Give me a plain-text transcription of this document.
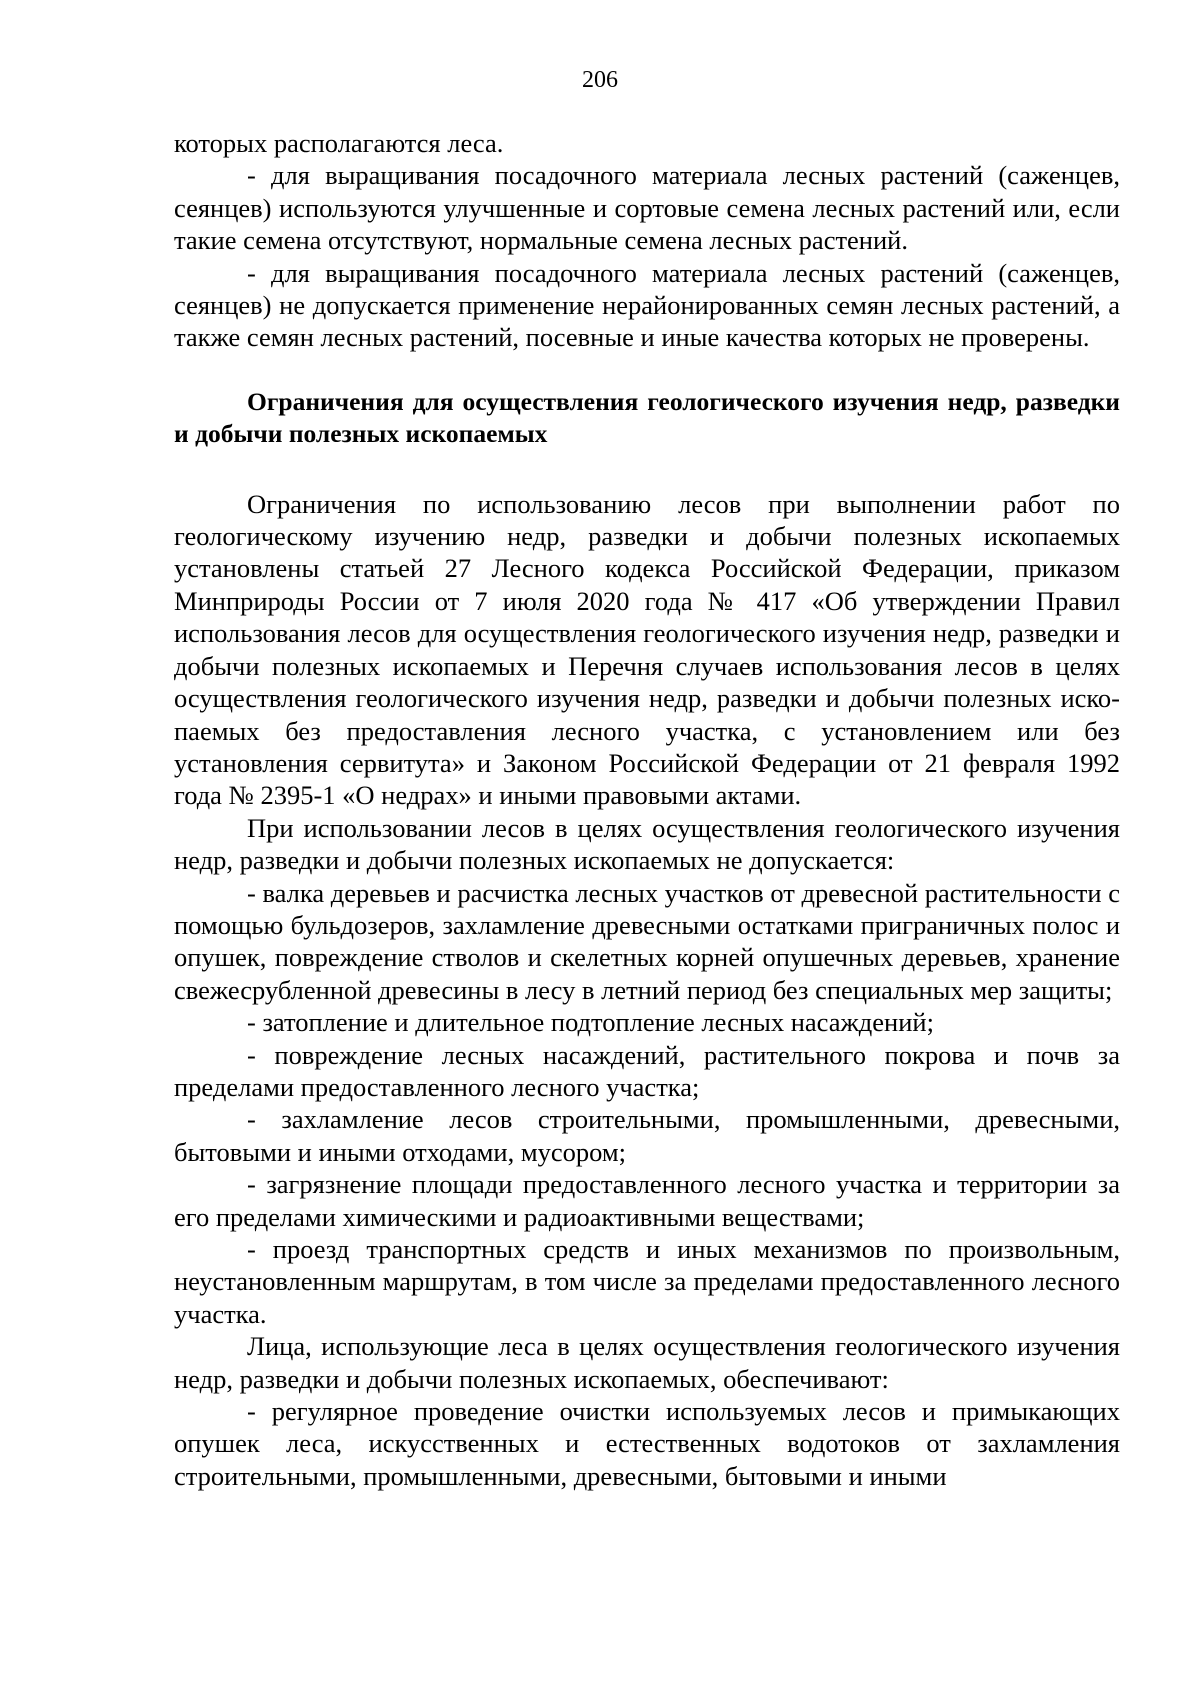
206

которых располагаются леса.

- для выращивания посадочного материала лесных растений (саженцев, сеянцев) используются улучшенные и сортовые семена лесных растений или, если такие семена отсутствуют, нормальные семена лесных растений.

- для выращивания посадочного материала лесных растений (саженцев, сеянцев) не допускается применение нерайонированных семян лесных растений, а также семян лесных растений, посевные и иные качества которых не проверены.

Ограничения для осуществления геологического изучения недр, разведки и добычи полезных ископаемых

Ограничения по использованию лесов при выполнении работ по геологическому изучению недр, разведки и добычи полезных ископаемых установлены статьей 27 Лесного кодекса Российской Федерации, приказом Минприроды России от 7 июля 2020 года № 417 «Об утверждении Правил использования лесов для осуществления геологического изучения недр, разведки и добычи полезных ископаемых и Перечня случаев использования лесов в целях осуществления геологического изучения недр, разведки и добычи полезных иско-паемых без предоставления лесного участка, с установлением или без установления сервитута» и Законом Российской Федерации от 21 февраля 1992 года № 2395-1 «О недрах» и иными правовыми актами.

При использовании лесов в целях осуществления геологического изучения недр, разведки и добычи полезных ископаемых не допускается:

- валка деревьев и расчистка лесных участков от древесной растительности с помощью бульдозеров, захламление древесными остатками приграничных полос и опушек, повреждение стволов и скелетных корней опушечных деревьев, хранение свежесрубленной древесины в лесу в летний период без специальных мер защиты;

- затопление и длительное подтопление лесных насаждений;

- повреждение лесных насаждений, растительного покрова и почв за пределами предоставленного лесного участка;

- захламление лесов строительными, промышленными, древесными, бытовыми и иными отходами, мусором;

- загрязнение площади предоставленного лесного участка и территории за его пределами химическими и радиоактивными веществами;

- проезд транспортных средств и иных механизмов по произвольным, неустановленным маршрутам, в том числе за пределами предоставленного лесного участка.

Лица, использующие леса в целях осуществления геологического изучения недр, разведки и добычи полезных ископаемых, обеспечивают:

- регулярное проведение очистки используемых лесов и примыкающих опушек леса, искусственных и естественных водотоков от захламления строительными, промышленными, древесными, бытовыми и иными
